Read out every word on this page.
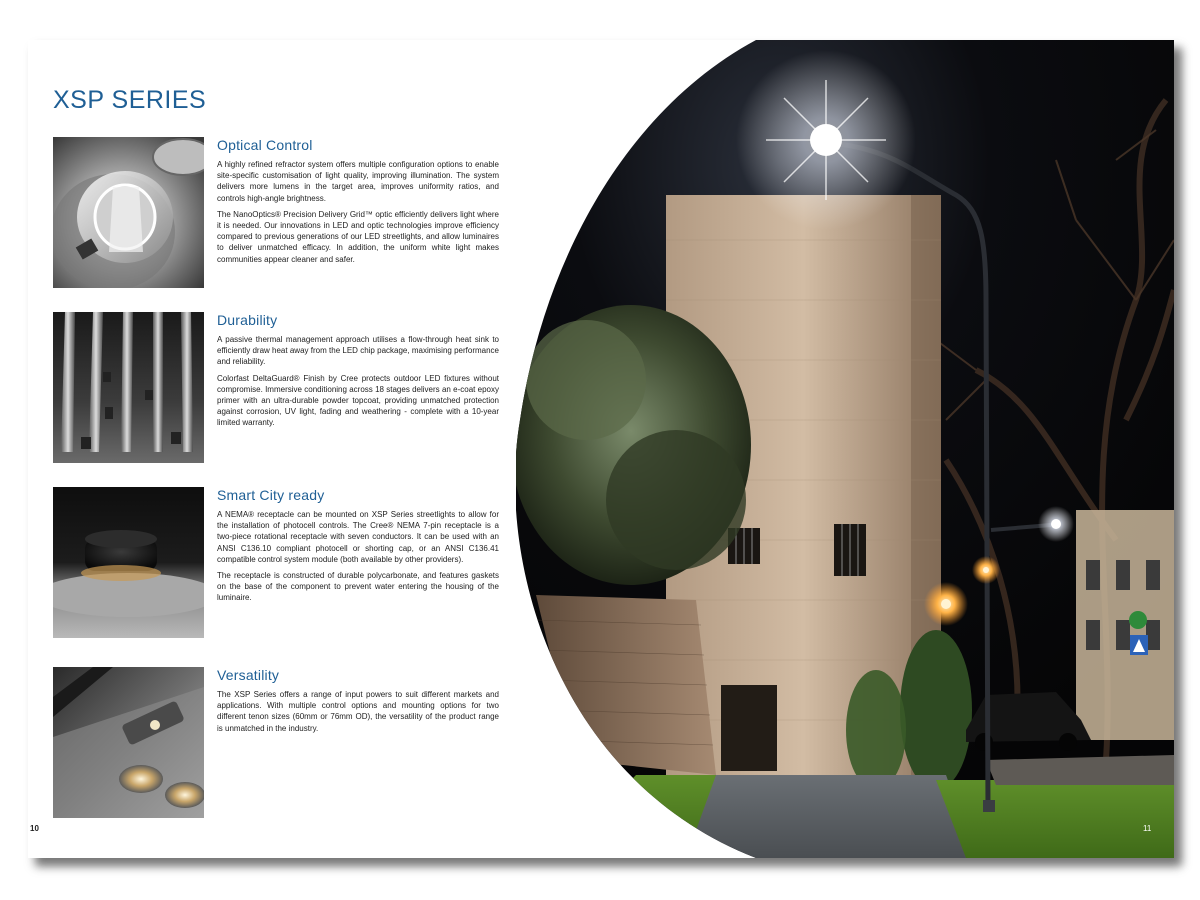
XSP SERIES
Optical Control

A highly refined refractor system offers multiple configuration options to enable site-specific customisation of light quality, improving illumination. The system delivers more lumens in the target area, improves uniformity ratios, and controls high-angle brightness.

The NanoOptics® Precision Delivery Grid™ optic efficiently delivers light where it is needed. Our innovations in LED and optic technologies improve efficiency compared to previous generations of our LED streetlights, and allow luminaires to deliver unmatched efficacy. In addition, the uniform white light makes communities appear cleaner and safer.

Durability

A passive thermal management approach utilises a flow-through heat sink to efficiently draw heat away from the LED chip package, maximising performance and reliability.

Colorfast DeltaGuard® Finish by Cree protects outdoor LED fixtures without compromise. Immersive conditioning across 18 stages delivers an e-coat epoxy primer with an ultra-durable powder topcoat, providing unmatched protection against corrosion, UV light, fading and weathering - complete with a 10-year limited warranty.

Smart City ready

A NEMA® receptacle can be mounted on XSP Series streetlights to allow for the installation of photocell controls. The Cree® NEMA 7-pin receptacle is a two-piece rotational receptacle with seven conductors. It can be used with an ANSI C136.10 compliant photocell or shorting cap, or an ANSI C136.41 compatible control system module (both available by other providers).

The receptacle is constructed of durable polycarbonate, and features gaskets on the base of the component to prevent water entering the housing of the luminaire.

Versatility

The XSP Series offers a range of input powers to suit different markets and applications. With multiple control options and mounting options for two different tenon sizes (60mm or 76mm OD), the versatility of the product range is unmatched in the industry.

10	11
